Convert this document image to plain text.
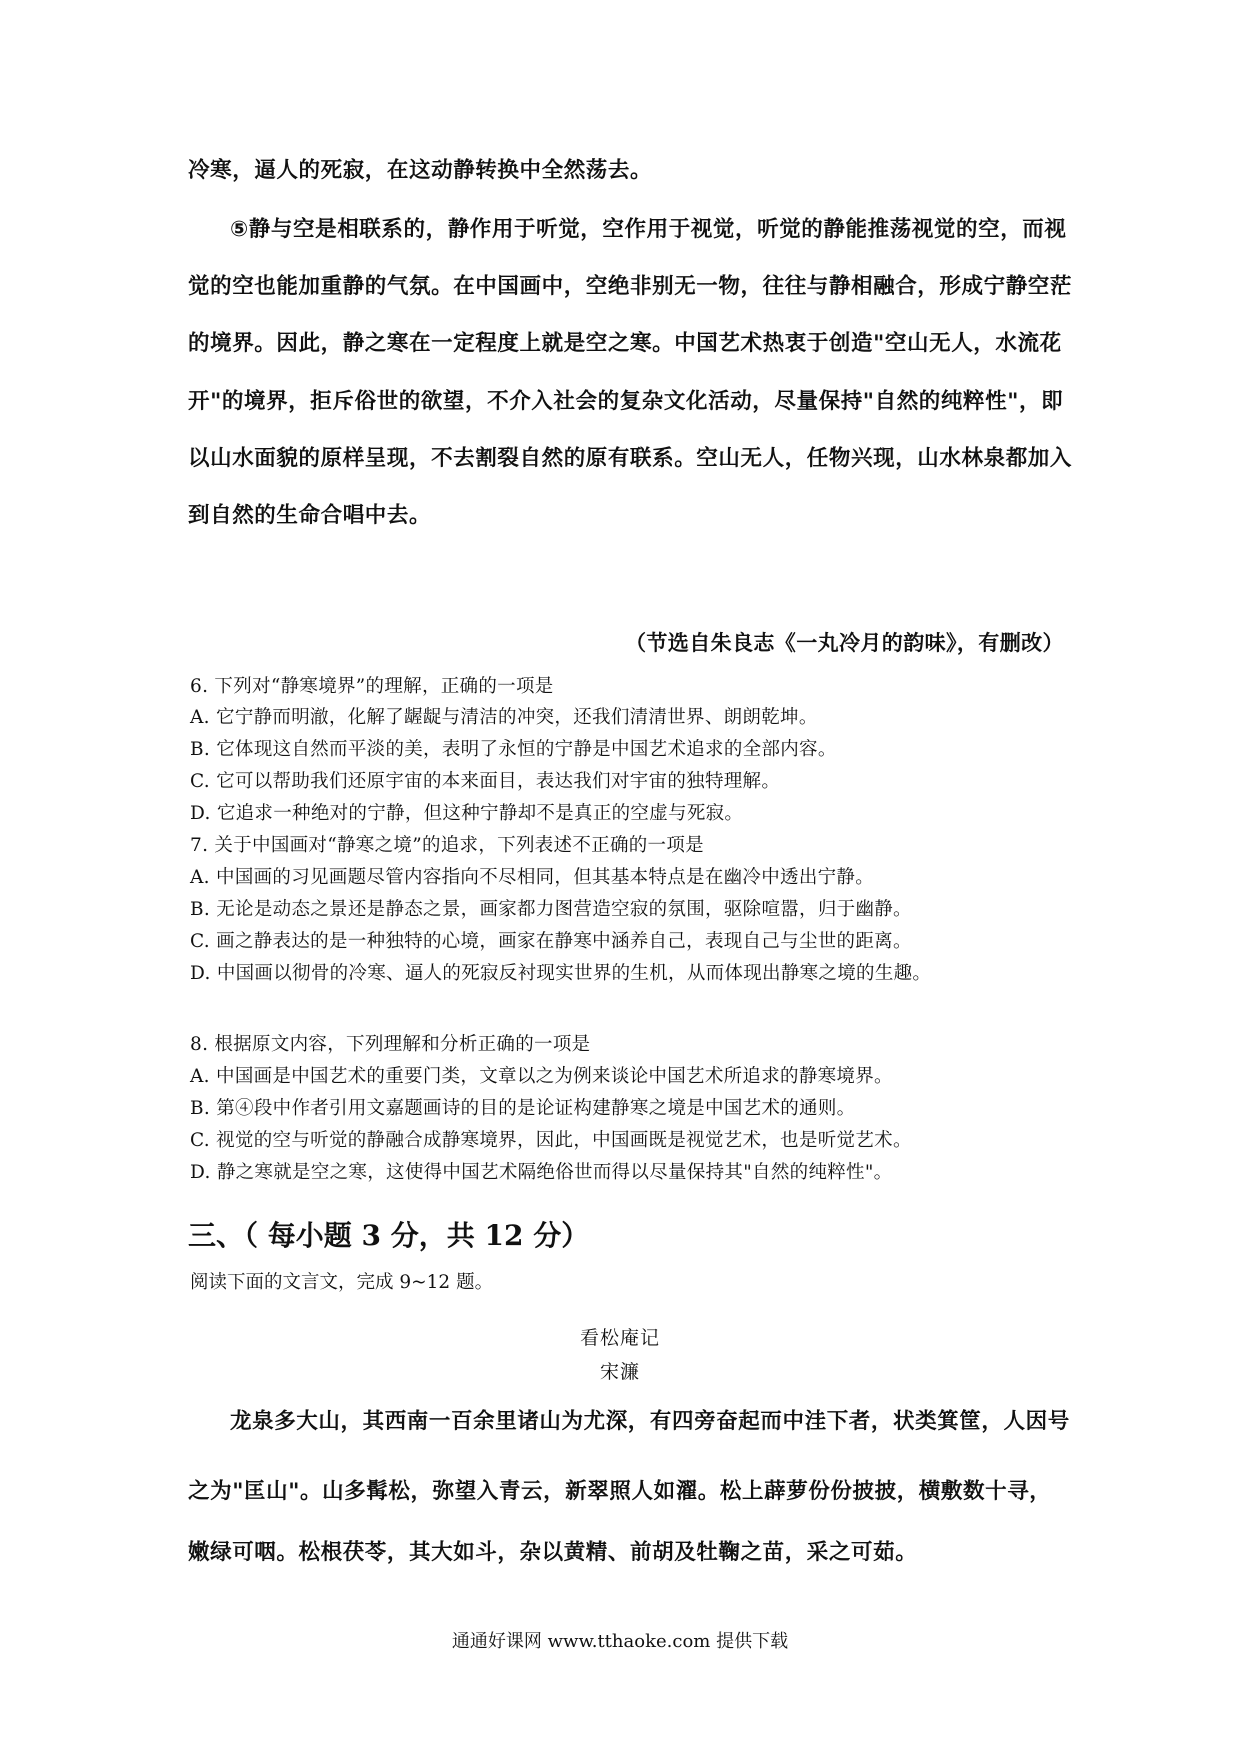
冷寒，逼人的死寂，在这动静转换中全然荡去。
⑤静与空是相联系的，静作用于听觉，空作用于视觉，听觉的静能推荡视觉的空，而视
觉的空也能加重静的气氛。在中国画中，空绝非别无一物，往往与静相融合，形成宁静空茫
的境界。因此，静之寒在一定程度上就是空之寒。中国艺术热衷于创造"空山无人，水流花
开"的境界，拒斥俗世的欲望，不介入社会的复杂文化活动，尽量保持"自然的纯粹性"，即
以山水面貌的原样呈现，不去割裂自然的原有联系。空山无人，任物兴现，山水林泉都加入
到自然的生命合唱中去。
（节选自朱良志《一丸冷月的韵味》，有删改）
6. 下列对“静寒境界”的理解，正确的一项是
A. 它宁静而明澈，化解了龌龊与清洁的冲突，还我们清清世界、朗朗乾坤。
B. 它体现这自然而平淡的美，表明了永恒的宁静是中国艺术追求的全部内容。
C. 它可以帮助我们还原宇宙的本来面目，表达我们对宇宙的独特理解。
D. 它追求一种绝对的宁静，但这种宁静却不是真正的空虚与死寂。
7. 关于中国画对“静寒之境”的追求，下列表述不正确的一项是
A. 中国画的习见画题尽管内容指向不尽相同，但其基本特点是在幽冷中透出宁静。
B. 无论是动态之景还是静态之景，画家都力图营造空寂的氛围，驱除喧嚣，归于幽静。
C. 画之静表达的是一种独特的心境，画家在静寒中涵养自己，表现自己与尘世的距离。
D. 中国画以彻骨的冷寒、逼人的死寂反衬现实世界的生机，从而体现出静寒之境的生趣。
8. 根据原文内容，下列理解和分析正确的一项是
A. 中国画是中国艺术的重要门类，文章以之为例来谈论中国艺术所追求的静寒境界。
B. 第④段中作者引用文嘉题画诗的目的是论证构建静寒之境是中国艺术的通则。
C. 视觉的空与听觉的静融合成静寒境界，因此，中国画既是视觉艺术，也是听觉艺术。
D. 静之寒就是空之寒，这使得中国艺术隔绝俗世而得以尽量保持其"自然的纯粹性"。
三、（ 每小题 3 分，共 12 分）
阅读下面的文言文，完成 9~12 题。
看松庵记
宋濂
龙泉多大山，其西南一百余里诸山为尤深，有四旁奋起而中洼下者，状类箕筐，人因号
之为"匡山"。山多髯松，弥望入青云，新翠照人如濯。松上薜萝份份披披，横敷数十寻，
嫩绿可咽。松根茯苓，其大如斗，杂以黄精、前胡及牡鞠之苗，采之可茹。
通通好课网 www.tthaoke.com 提供下载
